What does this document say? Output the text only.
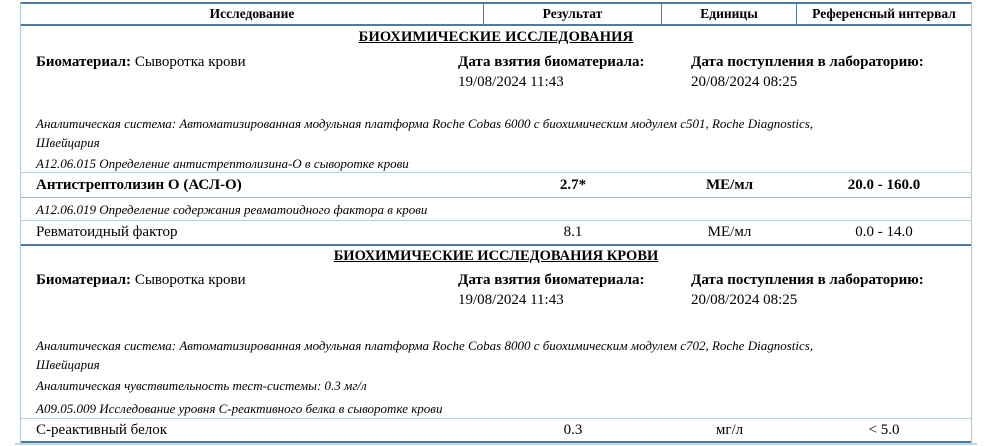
Исследование	Результат	Единицы	Референсный интервал
БИОХИМИЧЕСКИЕ ИССЛЕДОВАНИЯ
Биоматериал: Сыворотка крови	Дата взятия биоматериала:	Дата поступления в лабораторию:
19/08/2024 11:43	20/08/2024 08:25
Аналитическая система: Автоматизированная модульная платформа Roche Cobas 6000 с биохимическим модулем c501, Roche Diagnostics,
Швейцария
А12.06.015 Определение антистрептолизина-О в сыворотке крови
Антистрептолизин О (АСЛ-О)	2.7*	МЕ/мл	20.0 - 160.0
А12.06.019 Определение содержания ревматоидного фактора в крови
Ревматоидный фактор	8.1	МЕ/мл	0.0 - 14.0
БИОХИМИЧЕСКИЕ ИССЛЕДОВАНИЯ КРОВИ
Биоматериал: Сыворотка крови	Дата взятия биоматериала:	Дата поступления в лабораторию:
19/08/2024 11:43	20/08/2024 08:25
Аналитическая система: Автоматизированная модульная платформа Roche Cobas 8000 с биохимическим модулем c702, Roche Diagnostics,
Швейцария
Аналитическая чувствительность тест-системы: 0.3 мг/л
А09.05.009 Исследование уровня С-реактивного белка в сыворотке крови
С-реактивный белок	0.3	мг/л	< 5.0
